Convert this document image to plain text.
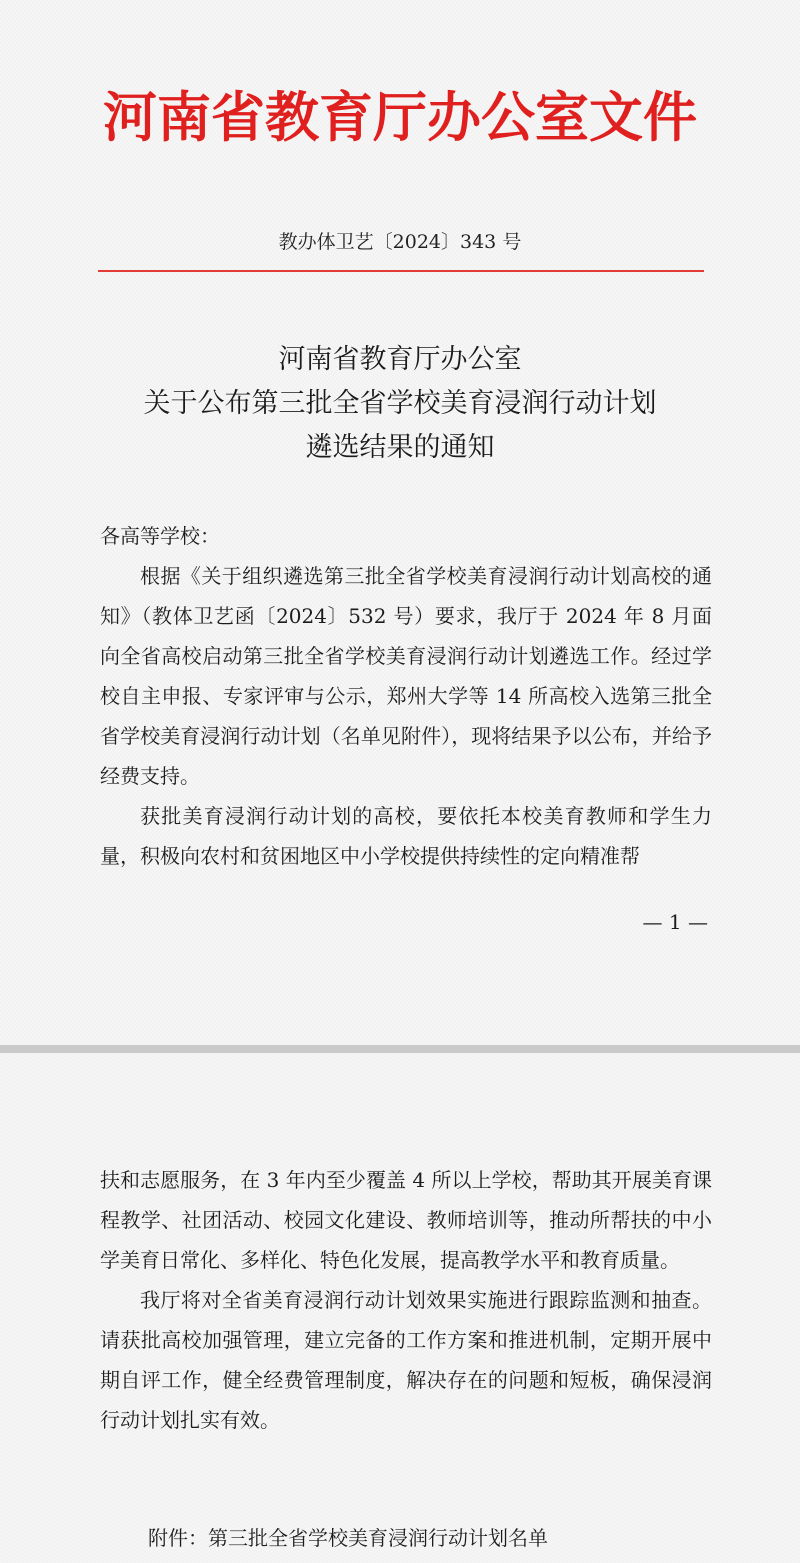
河南省教育厅办公室文件
教办体卫艺〔2024〕343 号
河南省教育厅办公室
关于公布第三批全省学校美育浸润行动计划
遴选结果的通知
各高等学校：

根据《关于组织遴选第三批全省学校美育浸润行动计划高校的通知》（教体卫艺函〔2024〕532 号）要求，我厅于 2024 年 8 月面向全省高校启动第三批全省学校美育浸润行动计划遴选工作。经过学校自主申报、专家评审与公示，郑州大学等 14 所高校入选第三批全省学校美育浸润行动计划（名单见附件），现将结果予以公布，并给予经费支持。

获批美育浸润行动计划的高校，要依托本校美育教师和学生力量，积极向农村和贫困地区中小学校提供持续性的定向精准帮

— 1 —

扶和志愿服务，在 3 年内至少覆盖 4 所以上学校，帮助其开展美育课程教学、社团活动、校园文化建设、教师培训等，推动所帮扶的中小学美育日常化、多样化、特色化发展，提高教学水平和教育质量。

我厅将对全省美育浸润行动计划效果实施进行跟踪监测和抽查。请获批高校加强管理，建立完备的工作方案和推进机制，定期开展中期自评工作，健全经费管理制度，解决存在的问题和短板，确保浸润行动计划扎实有效。

附件：第三批全省学校美育浸润行动计划名单
